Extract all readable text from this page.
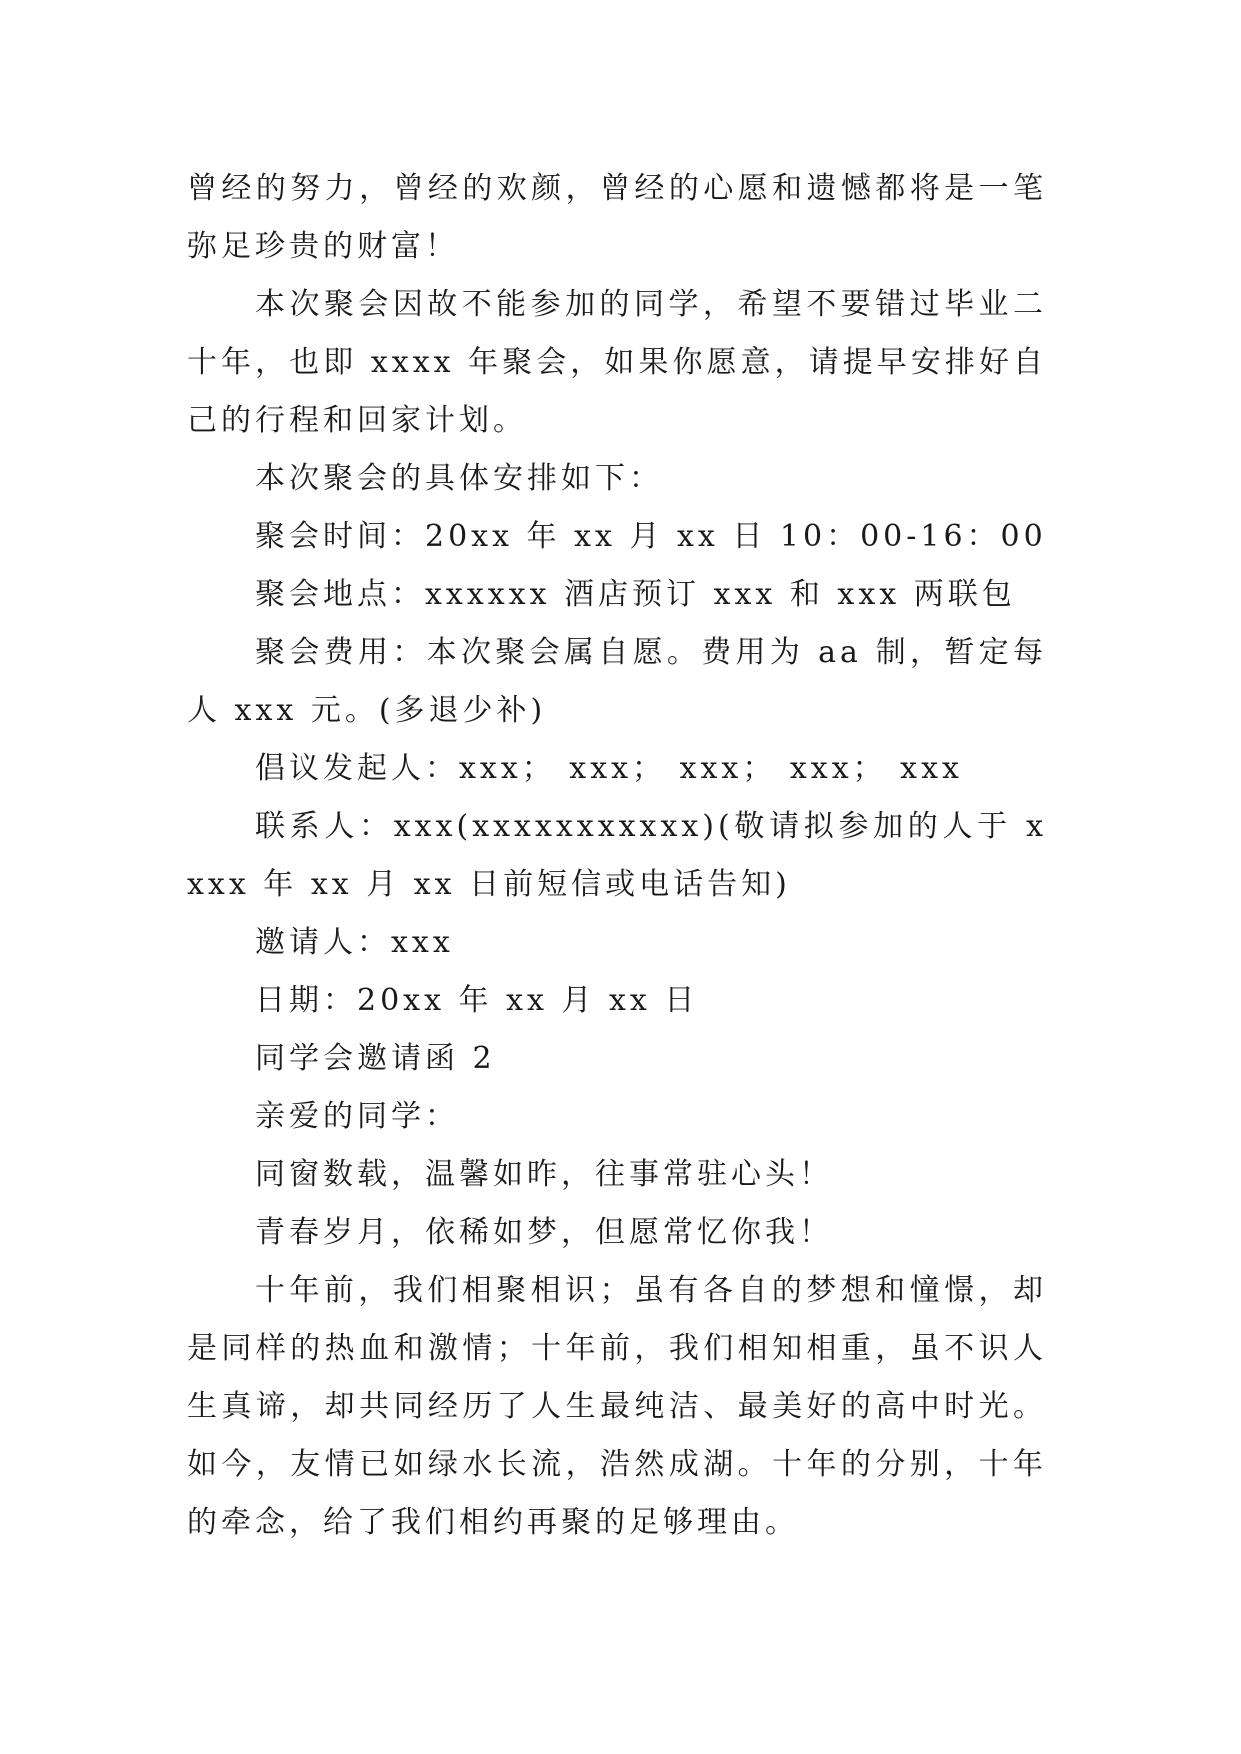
曾经的努力，曾经的欢颜，曾经的心愿和遗憾都将是一笔弥足珍贵的财富！

本次聚会因故不能参加的同学，希望不要错过毕业二十年，也即 xxxx 年聚会，如果你愿意，请提早安排好自己的行程和回家计划。

本次聚会的具体安排如下：

聚会时间：20xx 年 xx 月 xx 日 10：00-16：00

聚会地点：xxxxxx 酒店预订 xxx 和 xxx 两联包

聚会费用：本次聚会属自愿。费用为 aa 制，暂定每人 xxx 元。(多退少补)

倡议发起人：xxx； xxx； xxx； xxx； xxx

联系人：xxx(xxxxxxxxxxx)(敬请拟参加的人于 xxxx 年 xx 月 xx 日前短信或电话告知)

邀请人：xxx

日期：20xx 年 xx 月 xx 日

同学会邀请函 2

亲爱的同学：

同窗数载，温馨如昨，往事常驻心头！

青春岁月，依稀如梦，但愿常忆你我！

十年前，我们相聚相识；虽有各自的梦想和憧憬，却是同样的热血和激情；十年前，我们相知相重，虽不识人生真谛，却共同经历了人生最纯洁、最美好的高中时光。如今，友情已如绿水长流，浩然成湖。十年的分别，十年的牵念，给了我们相约再聚的足够理由。
